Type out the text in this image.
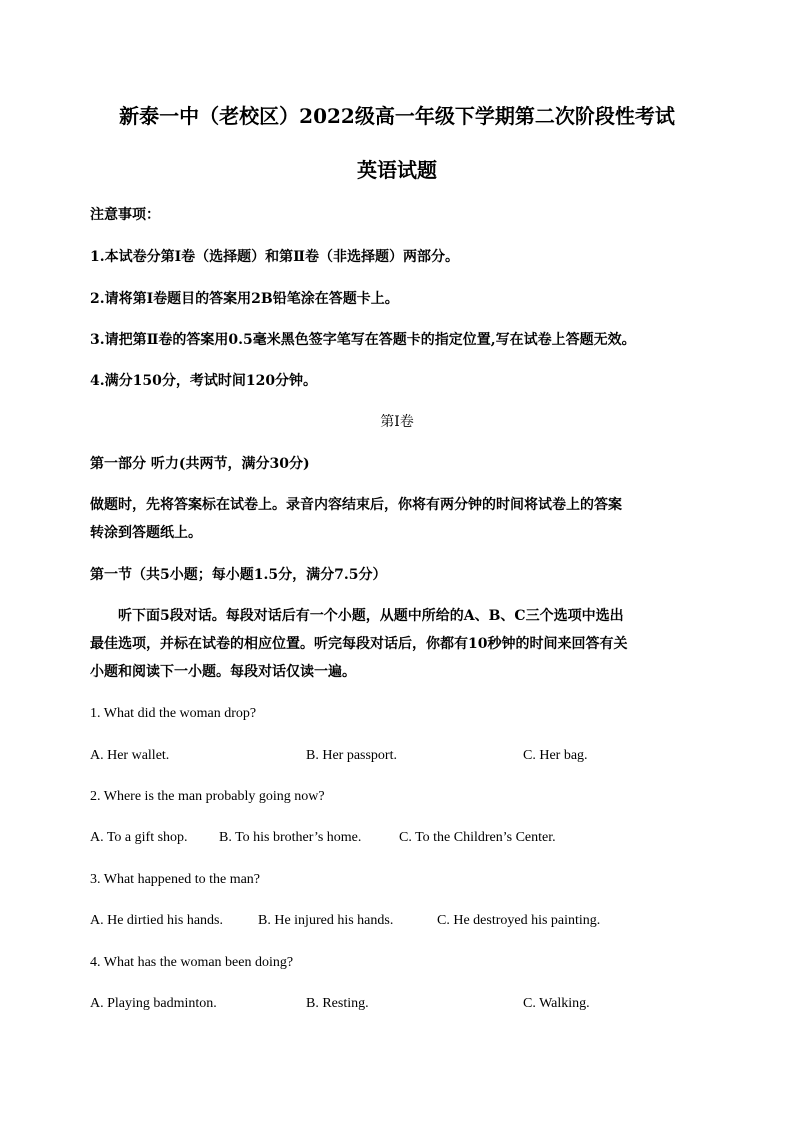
新泰一中（老校区）2022级高一年级下学期第二次阶段性考试
英语试题

注意事项：

1.本试卷分第Ⅰ卷（选择题）和第Ⅱ卷（非选择题）两部分。

2.请将第Ⅰ卷题目的答案用2B铅笔涂在答题卡上。

3.请把第Ⅱ卷的答案用0.5毫米黑色签字笔写在答题卡的指定位置,写在试卷上答题无效。

4.满分150分，考试时间120分钟。

第Ⅰ卷

第一部分 听力(共两节，满分30分)

做题时，先将答案标在试卷上。录音内容结束后，你将有两分钟的时间将试卷上的答案

转涂到答题纸上。

第一节（共5小题；每小题1.5分，满分7.5分）

听下面5段对话。每段对话后有一个小题，从题中所给的A、B、C三个选项中选出

最佳选项，并标在试卷的相应位置。听完每段对话后，你都有10秒钟的时间来回答有关

小题和阅读下一小题。每段对话仅读一遍。

1. What did the woman drop?

A. Her wallet.	B. Her passport.	C. Her bag.

2. Where is the man probably going now?

A. To a gift shop. B. To his brother’s home.	C. To the Children’s Center.

3. What happened to the man?

A. He dirtied his hands.	B. He injured his hands.	C. He destroyed his painting.

4. What has the woman been doing?

A. Playing badminton.	B. Resting.	C. Walking.
